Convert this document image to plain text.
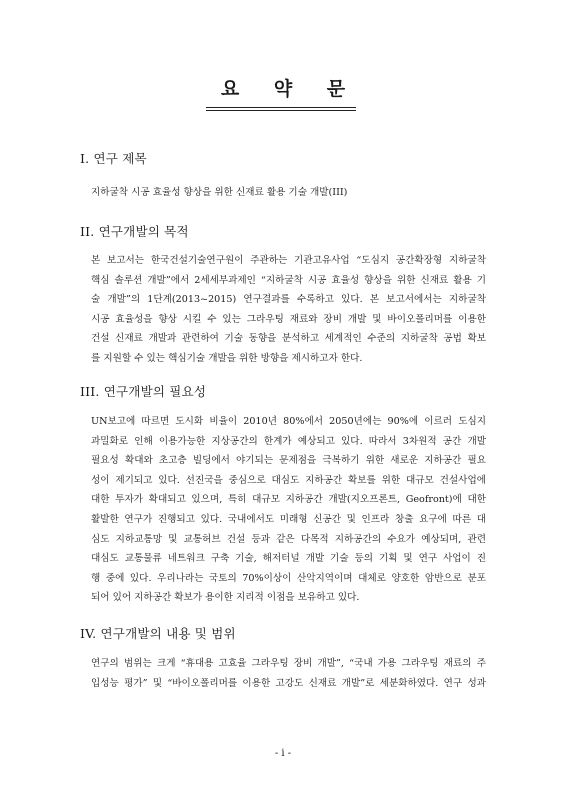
요 약 문
I. 연구 제목
지하굴착 시공 효율성 향상을 위한 신재료 활용 기술 개발(III)
II. 연구개발의 목적
본 보고서는 한국건설기술연구원이 주관하는 기관고유사업 “도심지 공간확장형 지하굴착
핵심 솔루션 개발”에서 2세세부과제인 “지하굴착 시공 효율성 향상을 위한 신재료 활용 기
술 개발”의 1단계(2013~2015) 연구결과를 수록하고 있다. 본 보고서에서는 지하굴착
시공 효율성을 향상 시킬 수 있는 그라우팅 재료와 장비 개발 및 바이오폴리머를 이용한
건설 신재료 개발과 관련하여 기술 동향을 분석하고 세계적인 수준의 지하굴착 공법 확보
를 지원할 수 있는 핵심기술 개발을 위한 방향을 제시하고자 한다.
III. 연구개발의 필요성
UN보고에 따르면 도시화 비율이 2010년 80%에서 2050년에는 90%에 이르러 도심지
과밀화로 인해 이용가능한 지상공간의 한계가 예상되고 있다. 따라서 3차원적 공간 개발
필요성 확대와 초고층 빌딩에서 야기되는 문제점을 극복하기 위한 새로운 지하공간 필요
성이 제기되고 있다. 선진국을 중심으로 대심도 지하공간 확보를 위한 대규모 건설사업에
대한 투자가 확대되고 있으며, 특히 대규모 지하공간 개발(지오프론트, Geofront)에 대한
활발한 연구가 진행되고 있다. 국내에서도 미래형 신공간 및 인프라 창출 요구에 따른 대
심도 지하교통망 및 교통허브 건설 등과 같은 다목적 지하공간의 수요가 예상되며, 관련
대심도 교통물류 네트워크 구축 기술, 해저터널 개발 기술 등의 기획 및 연구 사업이 진
행 중에 있다. 우리나라는 국토의 70%이상이 산악지역이며 대체로 양호한 암반으로 분포
되어 있어 지하공간 확보가 용이한 지리적 이점을 보유하고 있다.
IV. 연구개발의 내용 및 범위
연구의 범위는 크게 “휴대용 고효율 그라우팅 장비 개발”, “국내 가용 그라우팅 재료의 주
입성능 평가” 및 “바이오폴리머를 이용한 고강도 신재료 개발”로 세분화하였다. 연구 성과
- i -
